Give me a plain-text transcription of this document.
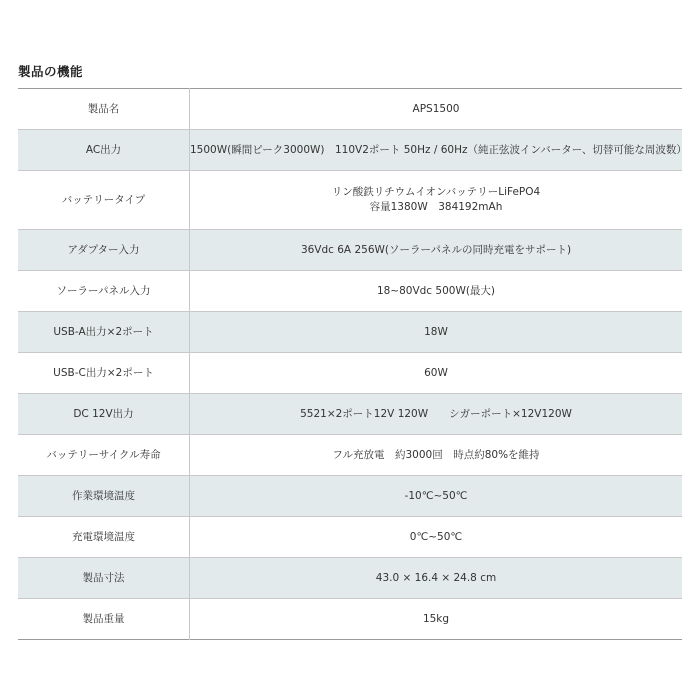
製品の機能
製品名	APS1500

AC出力	1500W(瞬間ピーク3000W)　110V2ポート 50Hz / 60Hz（純正弦波インバーター、切替可能な周波数）

バッテリータイプ	リン酸鉄リチウムイオンバッテリーLiFePO4
容量1380W　384192mAh

アダプター入力	36Vdc 6A 256W(ソーラーパネルの同時充電をサポート)

ソーラーパネル入力	18~80Vdc 500W(最大)

USB-A出力×2ポート	18W

USB-C出力×2ポート	60W

DC 12V出力	5521×2ポート12V 120W　　シガーポート×12V120W

バッテリーサイクル寿命	フル充放電　約3000回　時点約80%を維持

作業環境温度	-10℃~50℃

充電環境温度	0℃~50℃

製品寸法	43.0 × 16.4 × 24.8 cm

製品重量	15kg
